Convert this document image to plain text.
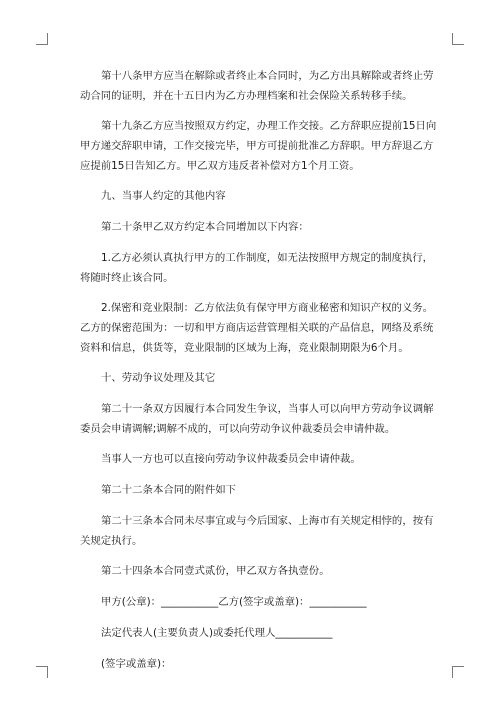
第十八条甲方应当在解除或者终止本合同时，为乙方出具解除或者终止劳动合同的证明，并在十五日内为乙方办理档案和社会保险关系转移手续。

第十九条乙方应当按照双方约定，办理工作交接。乙方辞职应提前15日向甲方递交辞职申请，工作交接完毕，甲方可提前批准乙方辞职。甲方辞退乙方应提前15日告知乙方。甲乙双方违反者补偿对方1个月工资。

九、当事人约定的其他内容

第二十条甲乙双方约定本合同增加以下内容：

1.乙方必须认真执行甲方的工作制度，如无法按照甲方规定的制度执行，将随时终止该合同。

2.保密和竞业限制：乙方依法负有保守甲方商业秘密和知识产权的义务。乙方的保密范围为：一切和甲方商店运营管理相关联的产品信息，网络及系统资料和信息，供货等，竞业限制的区域为上海，竞业限制期限为6个月。

十、劳动争议处理及其它

第二十一条双方因履行本合同发生争议，当事人可以向甲方劳动争议调解委员会申请调解;调解不成的，可以向劳动争议仲裁委员会申请仲裁。

当事人一方也可以直接向劳动争议仲裁委员会申请仲裁。

第二十二条本合同的附件如下

第二十三条本合同未尽事宜或与今后国家、上海市有关规定相悖的，按有关规定执行。

第二十四条本合同壹式贰份，甲乙双方各执壹份。

甲方(公章)：___________乙方(签字或盖章)：___________

法定代表人(主要负责人)或委托代理人___________

(签字或盖章)：
